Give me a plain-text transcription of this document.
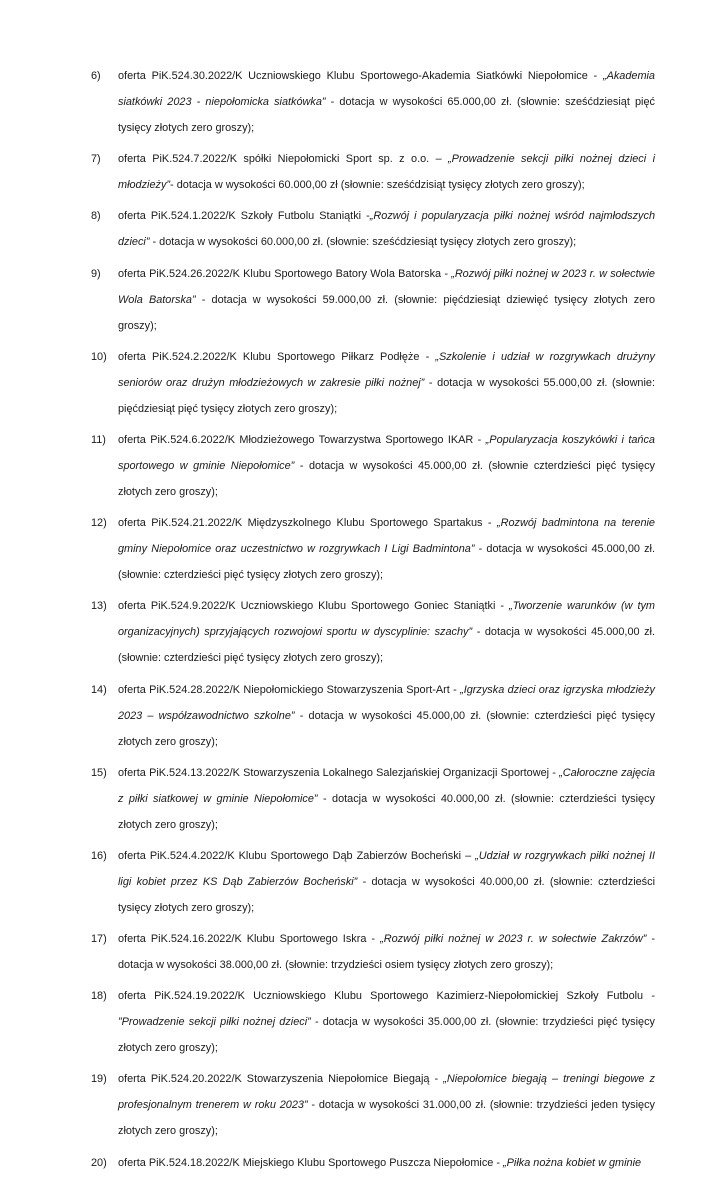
6)	oferta PiK.524.30.2022/K Uczniowskiego Klubu Sportowego-Akademia Siatkówki Niepołomice - „Akademia siatkówki 2023 - niepołomicka siatkówka” - dotacja w wysokości 65.000,00 zł. (słownie: sześćdziesiąt pięć tysięcy złotych zero groszy);
7)	oferta PiK.524.7.2022/K spółki Niepołomicki Sport sp. z o.o. – „Prowadzenie sekcji piłki nożnej dzieci i młodzieży”- dotacja w wysokości 60.000,00 zł (słownie: sześćdzisiąt tysięcy złotych zero groszy);
8)	oferta PiK.524.1.2022/K Szkoły Futbolu Staniątki -„Rozwój i popularyzacja piłki nożnej wśród najmłodszych dzieci” - dotacja w wysokości 60.000,00 zł. (słownie: sześćdziesiąt tysięcy złotych zero groszy);
9)	oferta PiK.524.26.2022/K Klubu Sportowego Batory Wola Batorska - „Rozwój piłki nożnej w 2023 r. w sołectwie Wola Batorska” - dotacja w wysokości 59.000,00 zł. (słownie: pięćdziesiąt dziewięć tysięcy złotych zero groszy);
10)	oferta PiK.524.2.2022/K Klubu Sportowego Piłkarz Podłęże - „Szkolenie i udział w rozgrywkach drużyny seniorów oraz drużyn młodzieżowych w zakresie piłki nożnej” - dotacja w wysokości 55.000,00 zł. (słownie: pięćdziesiąt pięć tysięcy złotych zero groszy);
11)	oferta PiK.524.6.2022/K Młodzieżowego Towarzystwa Sportowego IKAR - „Popularyzacja koszykówki i tańca sportowego w gminie Niepołomice” - dotacja w wysokości 45.000,00 zł. (słownie czterdzieści pięć tysięcy złotych zero groszy);
12)	oferta PiK.524.21.2022/K Międzyszkolnego Klubu Sportowego Spartakus - „Rozwój badmintona na terenie gminy Niepołomice oraz uczestnictwo w rozgrywkach I Ligi Badmintona” - dotacja w wysokości 45.000,00 zł. (słownie: czterdzieści pięć tysięcy złotych zero groszy);
13)	oferta PiK.524.9.2022/K Uczniowskiego Klubu Sportowego Goniec Staniątki - „Tworzenie warunków (w tym organizacyjnych) sprzyjających rozwojowi sportu w dyscyplinie: szachy” - dotacja w wysokości 45.000,00 zł. (słownie: czterdzieści pięć tysięcy złotych zero groszy);
14)	oferta PiK.524.28.2022/K Niepołomickiego Stowarzyszenia Sport-Art - „Igrzyska dzieci oraz igrzyska młodzieży 2023 – współzawodnictwo szkolne” - dotacja w wysokości 45.000,00 zł. (słownie: czterdzieści pięć tysięcy złotych zero groszy);
15)	oferta PiK.524.13.2022/K Stowarzyszenia Lokalnego Salezjańskiej Organizacji Sportowej - „Całoroczne zajęcia z piłki siatkowej w gminie Niepołomice” - dotacja w wysokości 40.000,00 zł. (słownie: czterdzieści tysięcy złotych zero groszy);
16)	oferta PiK.524.4.2022/K Klubu Sportowego Dąb Zabierzów Bocheński – „Udział w rozgrywkach piłki nożnej II ligi kobiet przez KS Dąb Zabierzów Bocheński” - dotacja w wysokości 40.000,00 zł. (słownie: czterdzieści tysięcy złotych zero groszy);
17)	oferta PiK.524.16.2022/K Klubu Sportowego Iskra - „Rozwój piłki nożnej w 2023 r. w sołectwie Zakrzów” - dotacja w wysokości 38.000,00 zł. (słownie: trzydzieści osiem tysięcy złotych zero groszy);
18)	oferta PiK.524.19.2022/K Uczniowskiego Klubu Sportowego Kazimierz-Niepołomickiej Szkoły Futbolu - ”Prowadzenie sekcji piłki nożnej dzieci” - dotacja w wysokości 35.000,00 zł. (słownie: trzydzieści pięć tysięcy złotych zero groszy);
19)	oferta PiK.524.20.2022/K Stowarzyszenia Niepołomice Biegają - „Niepołomice biegają – treningi biegowe z profesjonalnym trenerem w roku 2023” - dotacja w wysokości 31.000,00 zł. (słownie: trzydzieści jeden tysięcy złotych zero groszy);
20)	oferta PiK.524.18.2022/K Miejskiego Klubu Sportowego Puszcza Niepołomice - „Piłka nożna kobiet w gminie
